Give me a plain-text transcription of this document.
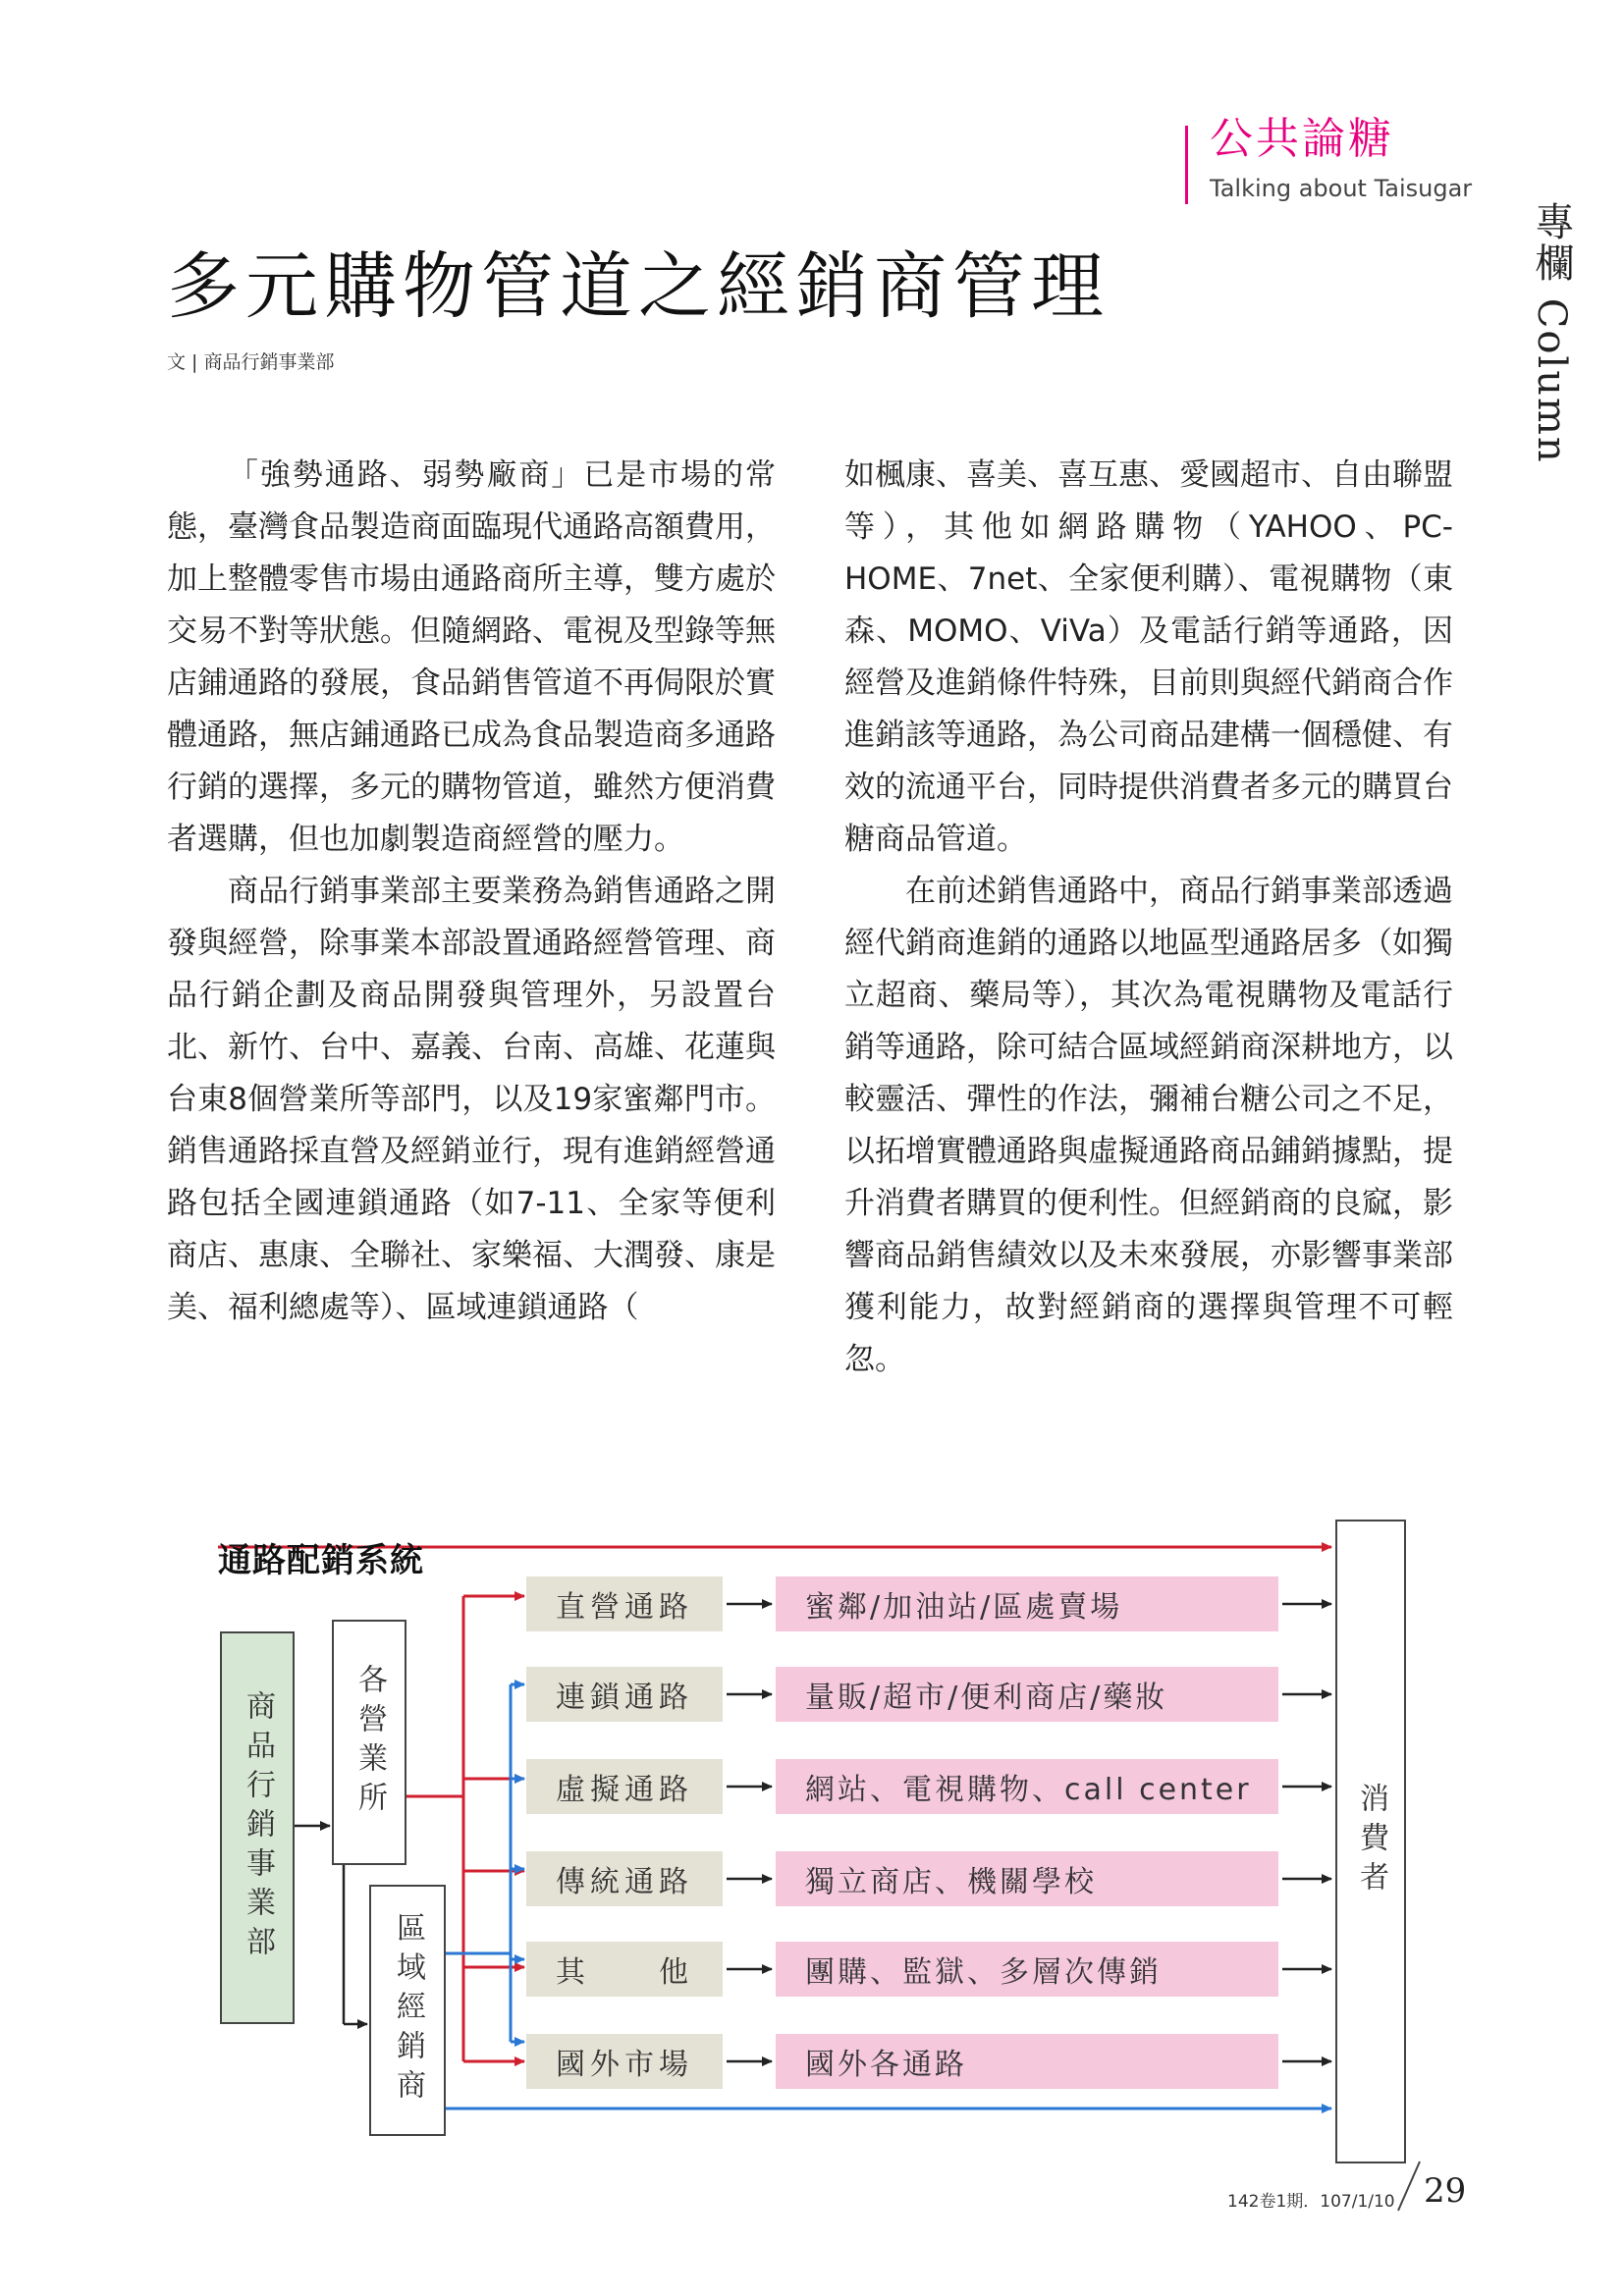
公共論糖
Talking about Taisugar
專欄 Column
多元購物管道之經銷商管理
文 | 商品行銷事業部

「強勢通路、弱勢廠商」已是市場的常態，臺灣食品製造商面臨現代通路高額費用，加上整體零售市場由通路商所主導，雙方處於交易不對等狀態。但隨網路、電視及型錄等無店鋪通路的發展，食品銷售管道不再侷限於實體通路，無店鋪通路已成為食品製造商多通路行銷的選擇，多元的購物管道，雖然方便消費者選購，但也加劇製造商經營的壓力。

商品行銷事業部主要業務為銷售通路之開發與經營，除事業本部設置通路經營管理、商品行銷企劃及商品開發與管理外，另設置台北、新竹、台中、嘉義、台南、高雄、花蓮與台東8個營業所等部門，以及19家蜜鄰門市。銷售通路採直營及經銷並行，現有進銷經營通路包括全國連鎖通路（如7-11、全家等便利商店、惠康、全聯社、家樂福、大潤發、康是美、福利總處等）、區域連鎖通路（

如楓康、喜美、喜互惠、愛國超市、自由聯盟等），其他如網路購物（YAHOO、PC-HOME、7net、全家便利購）、電視購物（東森、MOMO、ViVa）及電話行銷等通路，因經營及進銷條件特殊，目前則與經代銷商合作進銷該等通路，為公司商品建構一個穩健、有效的流通平台，同時提供消費者多元的購買台糖商品管道。

在前述銷售通路中，商品行銷事業部透過經代銷商進銷的通路以地區型通路居多（如獨立超商、藥局等），其次為電視購物及電話行銷等通路，除可結合區域經銷商深耕地方，以較靈活、彈性的作法，彌補台糖公司之不足，以拓增實體通路與虛擬通路商品鋪銷據點，提升消費者購買的便利性。但經銷商的良窳，影響商品銷售績效以及未來發展，亦影響事業部獲利能力，故對經銷商的選擇與管理不可輕忽。

通路配銷系統
商品行銷事業部	各營業所
區域經銷商
消費者
直營通路
連鎖通路
虛擬通路
傳統通路
其　　他
國外市場
蜜鄰/加油站/區處賣場
量販/超市/便利商店/藥妝
網站、電視購物、call center
獨立商店、機關學校
團購、監獄、多層次傳銷
國外各通路
142卷1期．107/1/10 29
